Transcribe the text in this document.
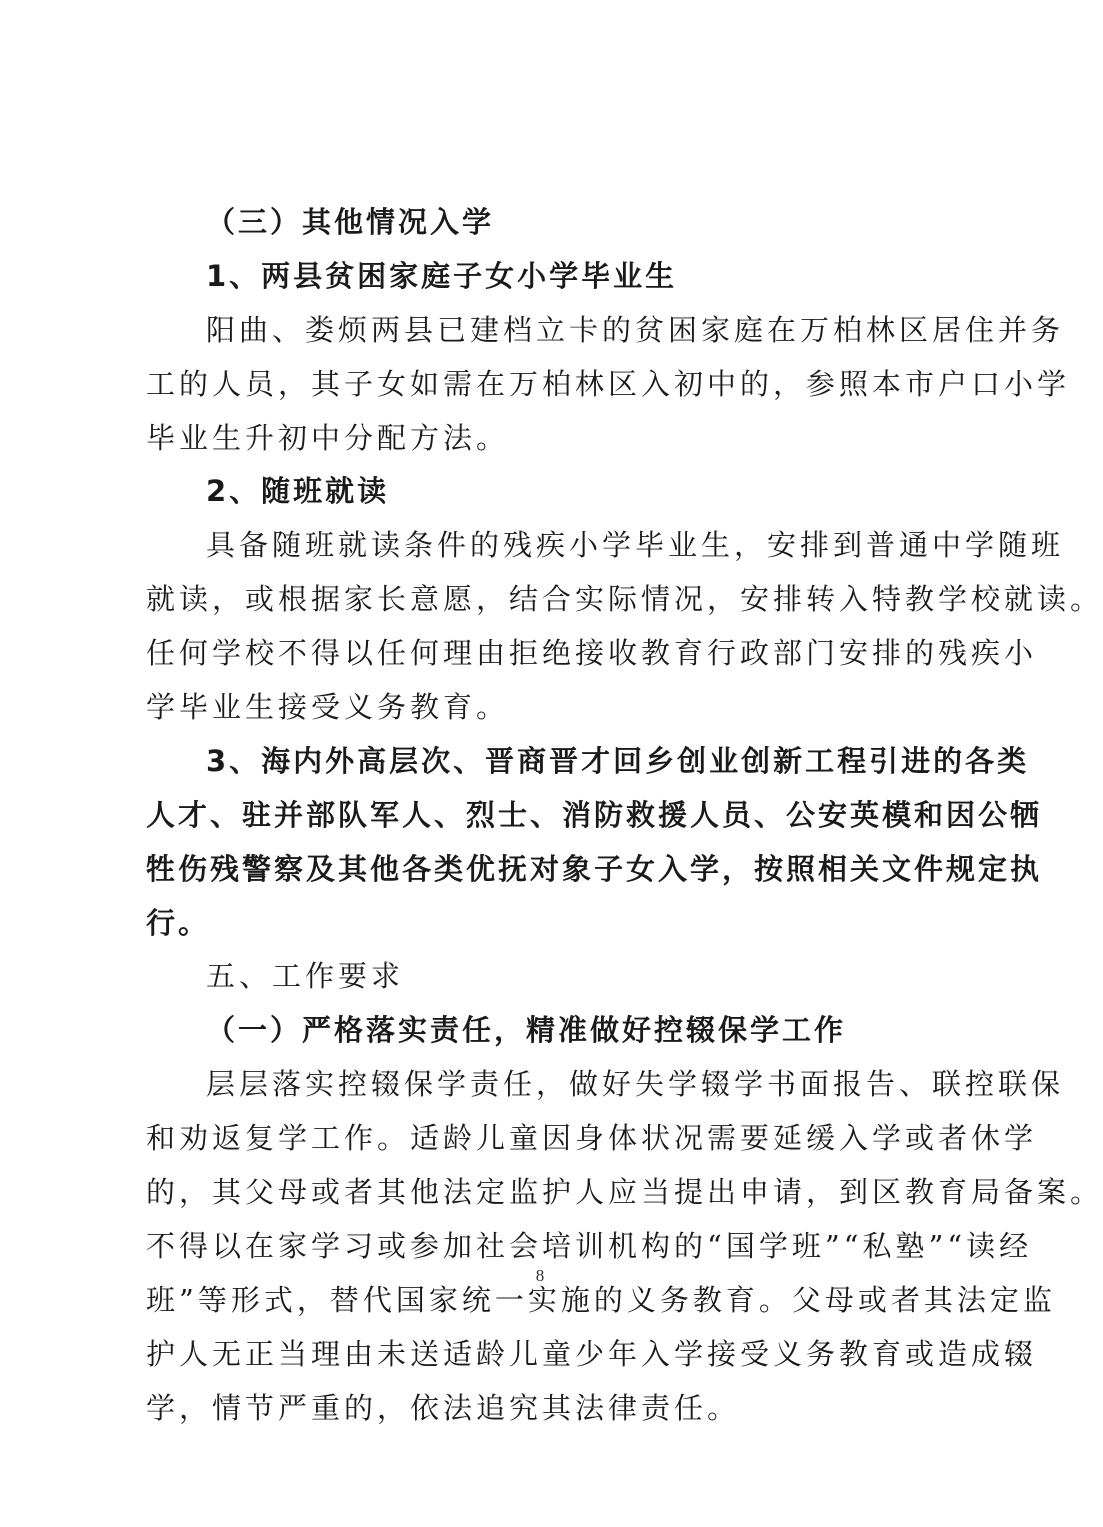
（三）其他情况入学
1、两县贫困家庭子女小学毕业生
阳曲、娄烦两县已建档立卡的贫困家庭在万柏林区居住并务
工的人员，其子女如需在万柏林区入初中的，参照本市户口小学
毕业生升初中分配方法。
2、随班就读
具备随班就读条件的残疾小学毕业生，安排到普通中学随班
就读，或根据家长意愿，结合实际情况，安排转入特教学校就读。
任何学校不得以任何理由拒绝接收教育行政部门安排的残疾小
学毕业生接受义务教育。
3、海内外高层次、晋商晋才回乡创业创新工程引进的各类
人才、驻并部队军人、烈士、消防救援人员、公安英模和因公牺
牲伤残警察及其他各类优抚对象子女入学，按照相关文件规定执
行。
五、工作要求
（一）严格落实责任，精准做好控辍保学工作
层层落实控辍保学责任，做好失学辍学书面报告、联控联保
和劝返复学工作。适龄儿童因身体状况需要延缓入学或者休学
的，其父母或者其他法定监护人应当提出申请，到区教育局备案。
不得以在家学习或参加社会培训机构的“国学班”“私塾”“读经
班”等形式，替代国家统一实施的义务教育。父母或者其法定监
护人无正当理由未送适龄儿童少年入学接受义务教育或造成辍
学，情节严重的，依法追究其法律责任。
8
